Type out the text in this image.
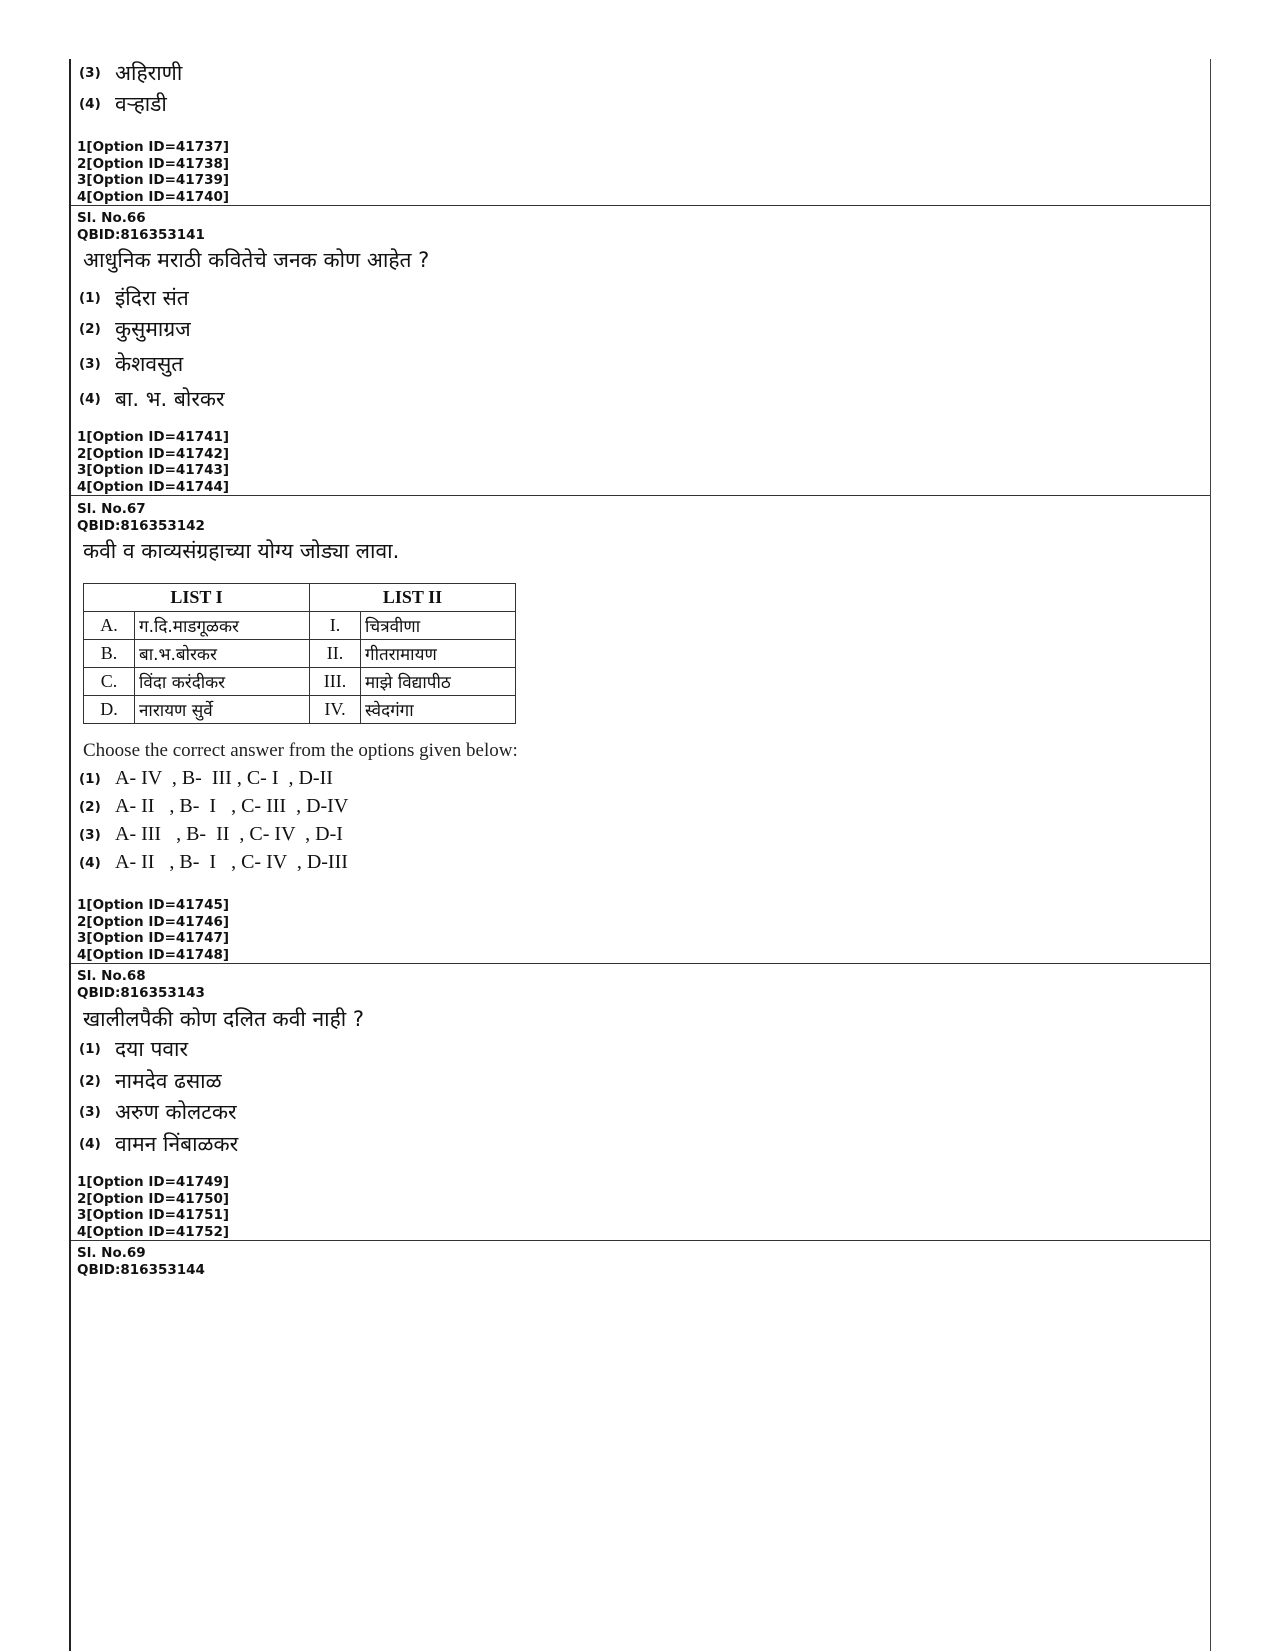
(3) अहिराणी
(4) वऱ्हाडी
1[Option ID=41737]
2[Option ID=41738]
3[Option ID=41739]
4[Option ID=41740]
Sl. No.66
QBID:816353141
आधुनिक मराठी कवितेचे जनक कोण आहेत ?
(1) इंदिरा संत
(2) कुसुमाग्रज
(3) केशवसुत
(4) बा. भ. बोरकर
1[Option ID=41741]
2[Option ID=41742]
3[Option ID=41743]
4[Option ID=41744]
Sl. No.67
QBID:816353142
कवी व काव्यसंग्रहाच्या योग्य जोड्या लावा.
LIST I		LIST II	
A.	ग.दि.माडगूळकर	I.	चित्रवीणा
B.	बा.भ.बोरकर	II.	गीतरामायण
C.	विंदा करंदीकर	III.	माझे विद्यापीठ
D.	नारायण सुर्वे	IV.	स्वेदगंगा
Choose the correct answer from the options given below:
(1) A- IV  , B-  III , C- I  , D-II
(2) A- II   , B-  I   , C- III  , D-IV
(3) A- III   , B-  II  , C- IV  , D-I
(4) A- II   , B-  I   , C- IV  , D-III
1[Option ID=41745]
2[Option ID=41746]
3[Option ID=41747]
4[Option ID=41748]
Sl. No.68
QBID:816353143
खालीलपैकी कोण दलित कवी नाही ?
(1) दया पवार
(2) नामदेव ढसाळ
(3) अरुण कोलटकर
(4) वामन निंबाळकर
1[Option ID=41749]
2[Option ID=41750]
3[Option ID=41751]
4[Option ID=41752]
Sl. No.69
QBID:816353144
